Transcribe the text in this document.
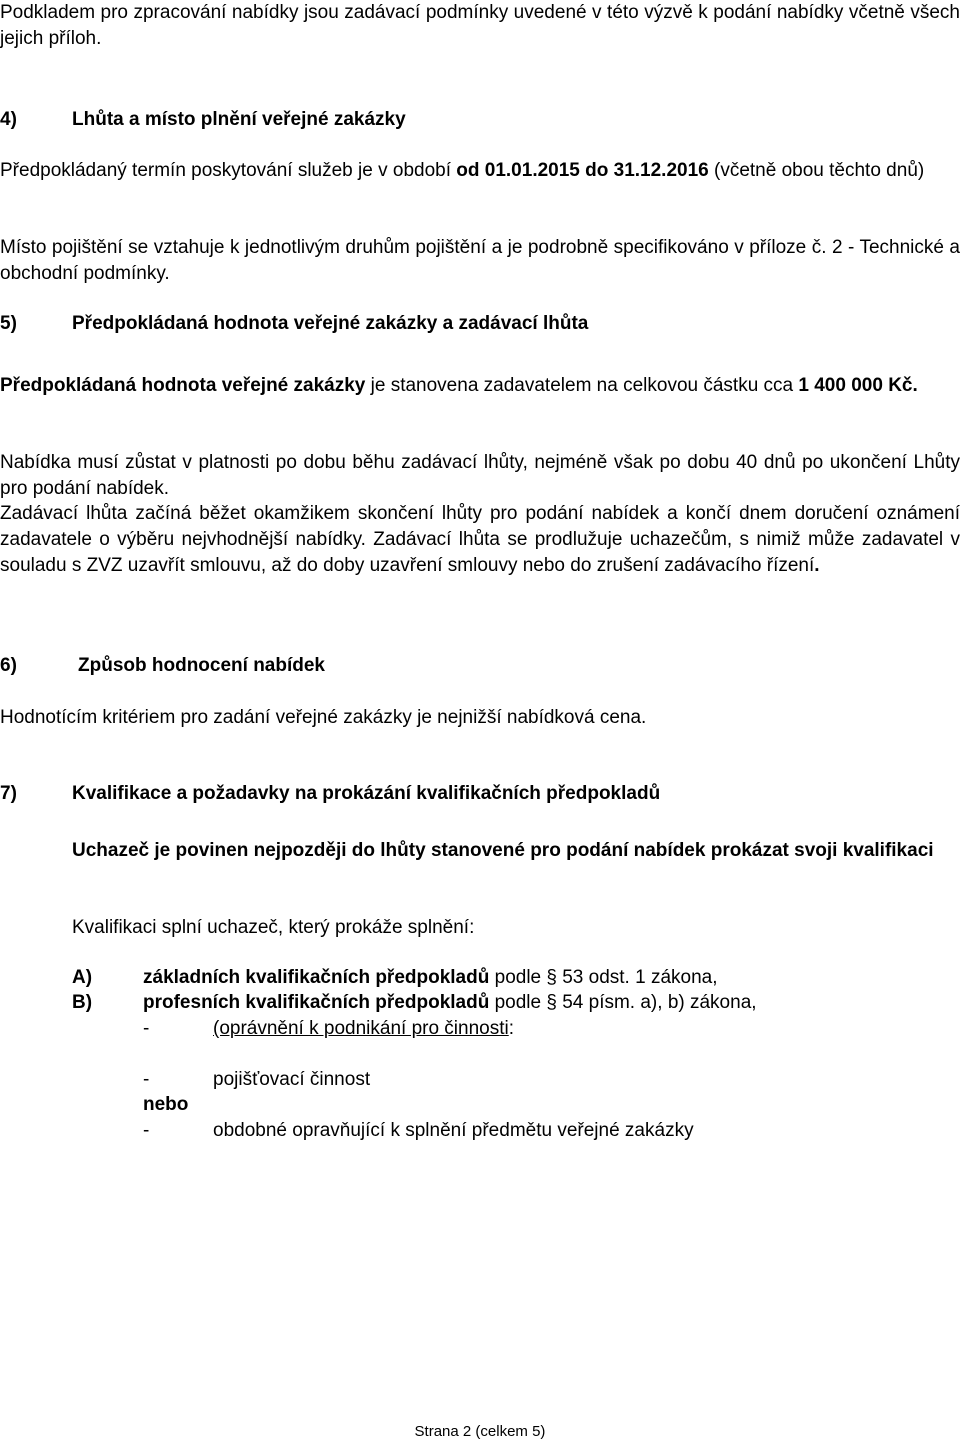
Podkladem pro zpracování nabídky jsou zadávací podmínky uvedené v této výzvě k podání nabídky včetně všech jejich příloh.
4)	Lhůta a místo plnění veřejné zakázky
Předpokládaný termín poskytování služeb je v období od 01.01.2015 do 31.12.2016 (včetně obou těchto dnů)
Místo pojištění se vztahuje k jednotlivým druhům pojištění a je podrobně specifikováno v příloze č. 2 - Technické a obchodní podmínky.
5)	Předpokládaná hodnota veřejné zakázky a zadávací lhůta
Předpokládaná hodnota veřejné zakázky je stanovena zadavatelem na celkovou částku cca 1 400 000 Kč.
Nabídka musí zůstat v platnosti po dobu běhu zadávací lhůty, nejméně však po dobu 40 dnů po ukončení Lhůty pro podání nabídek.
Zadávací lhůta začíná běžet okamžikem skončení lhůty pro podání nabídek a končí dnem doručení oznámení zadavatele o výběru nejvhodnější nabídky. Zadávací lhůta se prodlužuje uchazečům, s nimiž může zadavatel v souladu s ZVZ uzavřít smlouvu, až do doby uzavření smlouvy nebo do zrušení zadávacího řízení.
6)	Způsob hodnocení nabídek
Hodnotícím kritériem pro zadání veřejné zakázky je nejnižší nabídková cena.
7)	Kvalifikace a požadavky na prokázání kvalifikačních předpokladů
Uchazeč je povinen nejpozději do lhůty stanovené pro podání nabídek prokázat svoji kvalifikaci
Kvalifikaci splní uchazeč, který prokáže splnění:
A)	základních kvalifikačních předpokladů podle § 53 odst. 1 zákona,
B)	profesních kvalifikačních předpokladů podle § 54 písm. a), b) zákona,
-	(oprávnění k podnikání pro činnosti:
-	pojišťovací činnost
nebo
-	obdobné opravňující k splnění předmětu veřejné zakázky
Strana 2 (celkem 5)
